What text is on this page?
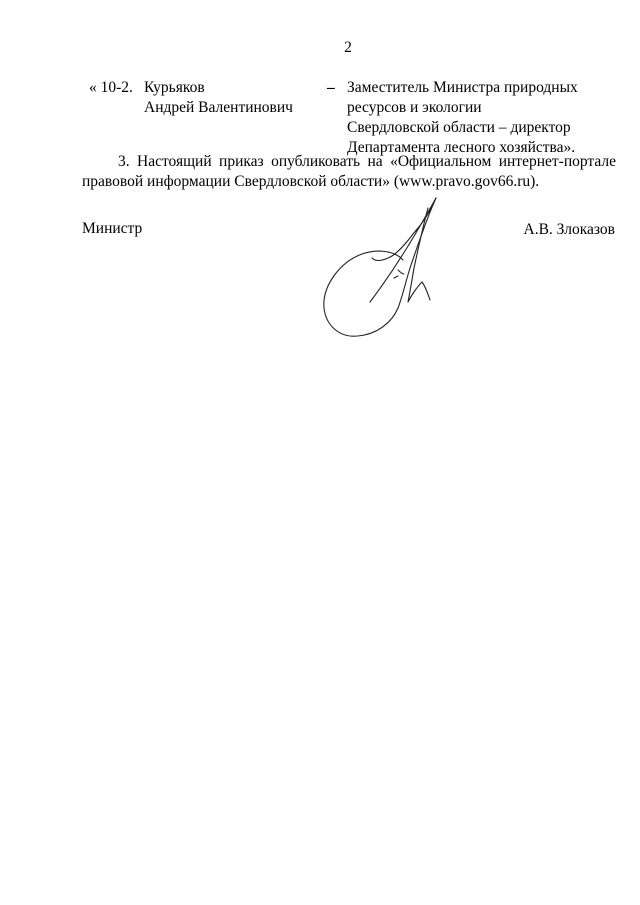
2
« 10-2. Курьяков
Андрей Валентинович
– Заместитель Министра природных
ресурсов и экологии
Свердловской области – директор
Департамента лесного хозяйства».
3. Настоящий приказ опубликовать на «Официальном интернет-портале
правовой информации Свердловской области» (www.pravo.gov66.ru).
Министр	А.В. Злоказов
